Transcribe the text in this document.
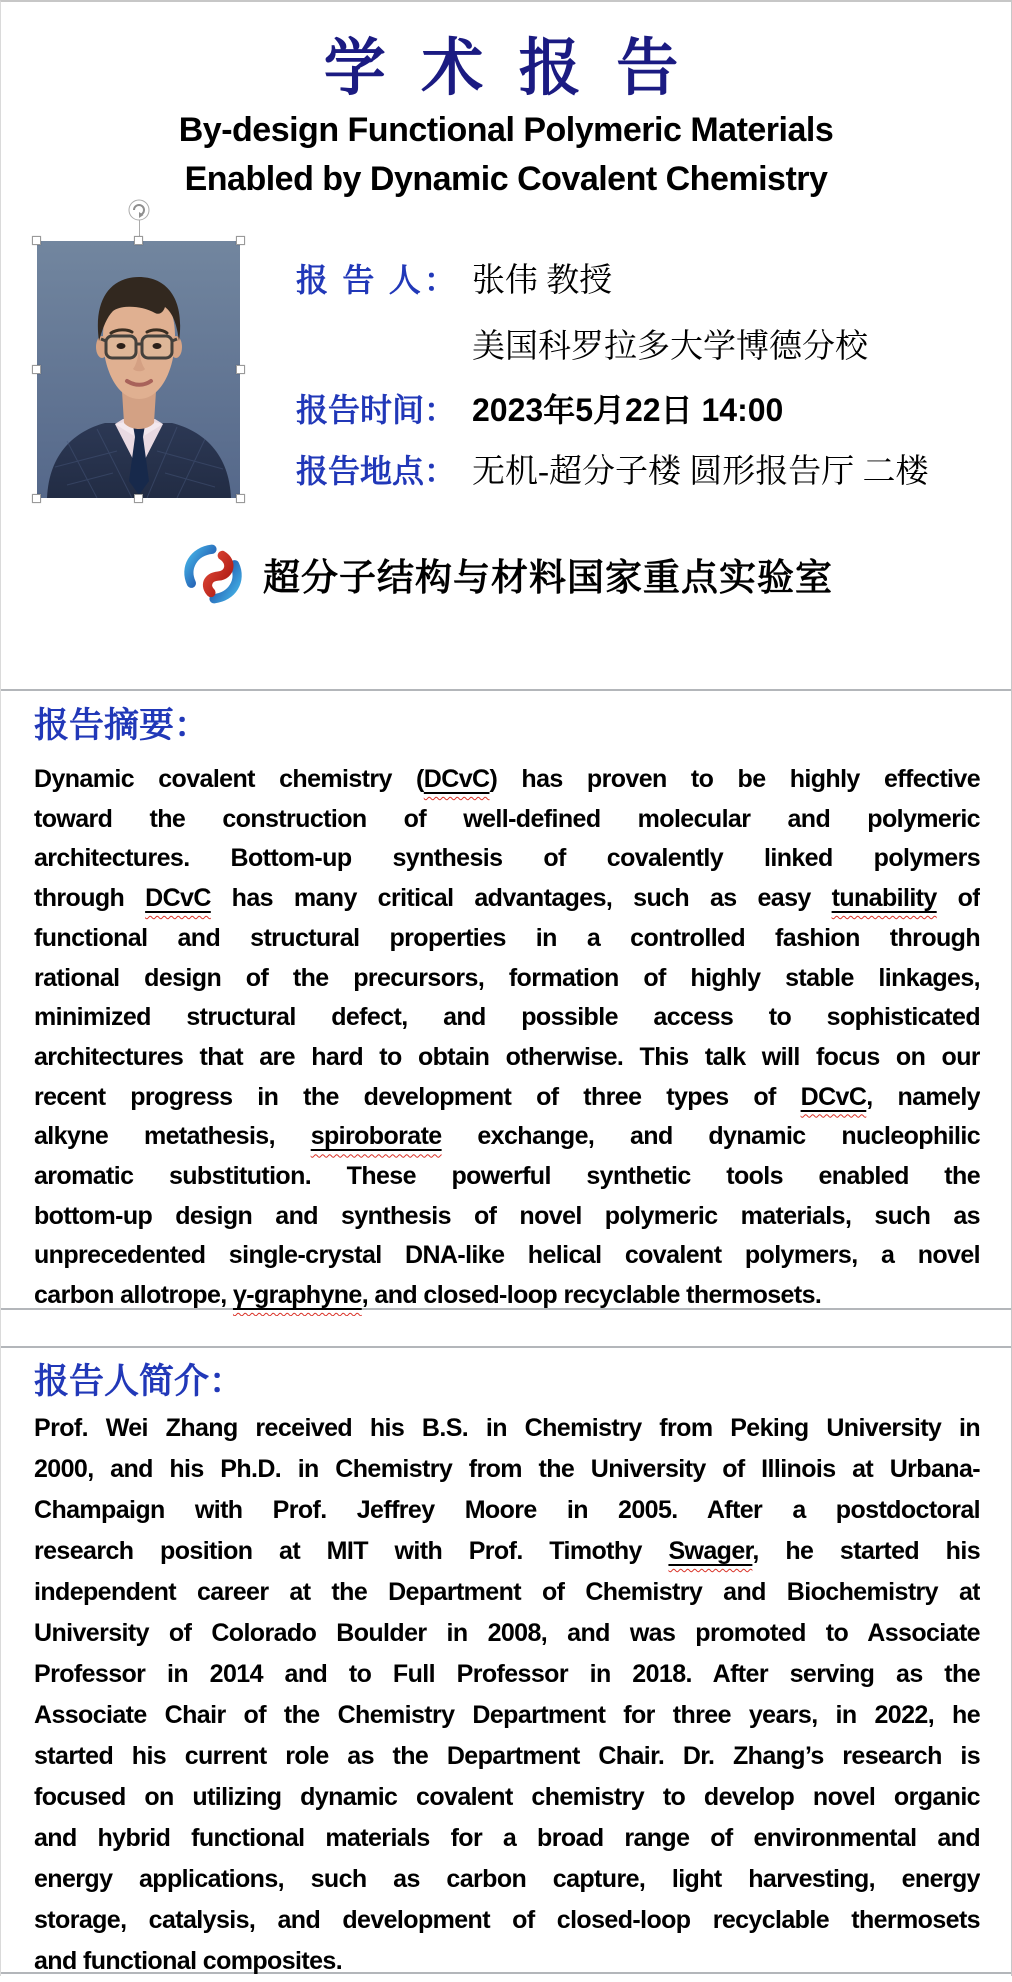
学 术 报 告
By-design Functional Polymeric Materials
Enabled by Dynamic Covalent Chemistry
报 告 人： 张伟 教授
美国科罗拉多大学博德分校
报告时间： 2023年5月22日 14:00
报告地点： 无机-超分子楼 圆形报告厅 二楼
超分子结构与材料国家重点实验室
报告摘要：
Dynamic covalent chemistry (DCvC) has proven to be highly effective
toward the construction of well-defined molecular and polymeric
architectures. Bottom-up synthesis of covalently linked polymers
through DCvC has many critical advantages, such as easy tunability of
functional and structural properties in a controlled fashion through
rational design of the precursors, formation of highly stable linkages,
minimized structural defect, and possible access to sophisticated
architectures that are hard to obtain otherwise. This talk will focus on our
recent progress in the development of three types of DCvC, namely
alkyne metathesis, spiroborate exchange, and dynamic nucleophilic
aromatic substitution. These powerful synthetic tools enabled the
bottom-up design and synthesis of novel polymeric materials, such as
unprecedented single-crystal DNA-like helical covalent polymers, a novel
carbon allotrope, γ-graphyne, and closed-loop recyclable thermosets.
报告人简介：
Prof. Wei Zhang received his B.S. in Chemistry from Peking University in
2000, and his Ph.D. in Chemistry from the University of Illinois at Urbana-
Champaign with Prof. Jeffrey Moore in 2005. After a postdoctoral
research position at MIT with Prof. Timothy Swager, he started his
independent career at the Department of Chemistry and Biochemistry at
University of Colorado Boulder in 2008, and was promoted to Associate
Professor in 2014 and to Full Professor in 2018. After serving as the
Associate Chair of the Chemistry Department for three years, in 2022, he
started his current role as the Department Chair. Dr. Zhang’s research is
focused on utilizing dynamic covalent chemistry to develop novel organic
and hybrid functional materials for a broad range of environmental and
energy applications, such as carbon capture, light harvesting, energy
storage, catalysis, and development of closed-loop recyclable thermosets
and functional composites.
